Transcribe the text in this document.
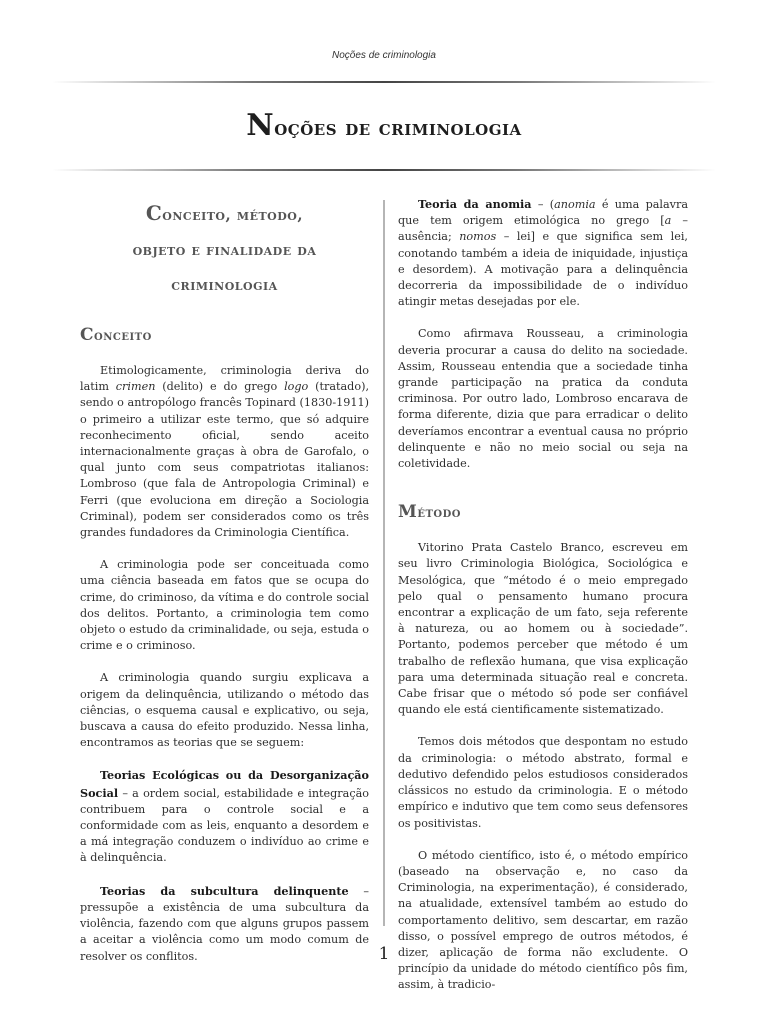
Noções de criminologia
Noções de criminologia
Conceito, método,
objeto e finalidade da
criminologia
Conceito

Etimologicamente, criminologia deriva do latim crimen (delito) e do grego logo (tratado), sendo o antropólogo francês Topinard (1830-1911) o primeiro a utilizar este termo, que só adquire reconhecimento oficial, sendo aceito internacionalmente graças à obra de Garofalo, o qual junto com seus compatriotas italianos: Lombroso (que fala de Antropologia Criminal) e Ferri (que evoluciona em direção a Sociologia Criminal), podem ser considerados como os três grandes fundadores da Criminologia Científica.

A criminologia pode ser conceituada como uma ciência baseada em fatos que se ocupa do crime, do criminoso, da vítima e do controle social dos delitos. Portanto, a criminologia tem como objeto o estudo da criminalidade, ou seja, estuda o crime e o criminoso.

A criminologia quando surgiu explicava a origem da delinquência, utilizando o método das ciências, o esquema causal e explicativo, ou seja, buscava a causa do efeito produzido. Nessa linha, encontramos as teorias que se seguem:

Teorias Ecológicas ou da Desorganização Social – a ordem social, estabilidade e integração contribuem para o controle social e a conformidade com as leis, enquanto a desordem e a má integração conduzem o indivíduo ao crime e à delinquência.

Teorias da subcultura delinquente – pressupõe a existência de uma subcultura da violência, fazendo com que alguns grupos passem a aceitar a violência como um modo comum de resolver os conflitos.

Teoria da anomia – (anomia é uma palavra que tem origem etimológica no grego [a – ausência; nomos – lei] e que significa sem lei, conotando também a ideia de iniquidade, injustiça e desordem). A motivação para a delinquência decorreria da impossibilidade de o indivíduo atingir metas desejadas por ele.

Como afirmava Rousseau, a criminologia deveria procurar a causa do delito na sociedade. Assim, Rousseau entendia que a sociedade tinha grande participação na pratica da conduta criminosa. Por outro lado, Lombroso encarava de forma diferente, dizia que para erradicar o delito deveríamos encontrar a eventual causa no próprio delinquente e não no meio social ou seja na coletividade.

Método

Vitorino Prata Castelo Branco, escreveu em seu livro Criminologia Biológica, Sociológica e Mesológica, que “método é o meio empregado pelo qual o pensamento humano procura encontrar a explicação de um fato, seja referente à natureza, ou ao homem ou à sociedade”. Portanto, podemos perceber que método é um trabalho de reflexão humana, que visa explicação para uma determinada situação real e concreta. Cabe frisar que o método só pode ser confiável quando ele está cientificamente sistematizado.

Temos dois métodos que despontam no estudo da criminologia: o método abstrato, formal e dedutivo defendido pelos estudiosos considerados clássicos no estudo da criminologia. E o método empírico e indutivo que tem como seus defensores os positivistas.

O método científico, isto é, o método empírico (baseado na observação e, no caso da Criminologia, na experimentação), é considerado, na atualidade, extensível também ao estudo do comportamento delitivo, sem descartar, em razão disso, o possível emprego de outros métodos, é dizer, aplicação de forma não excludente. O princípio da unidade do método científico pôs fim, assim, à tradicio-

1
